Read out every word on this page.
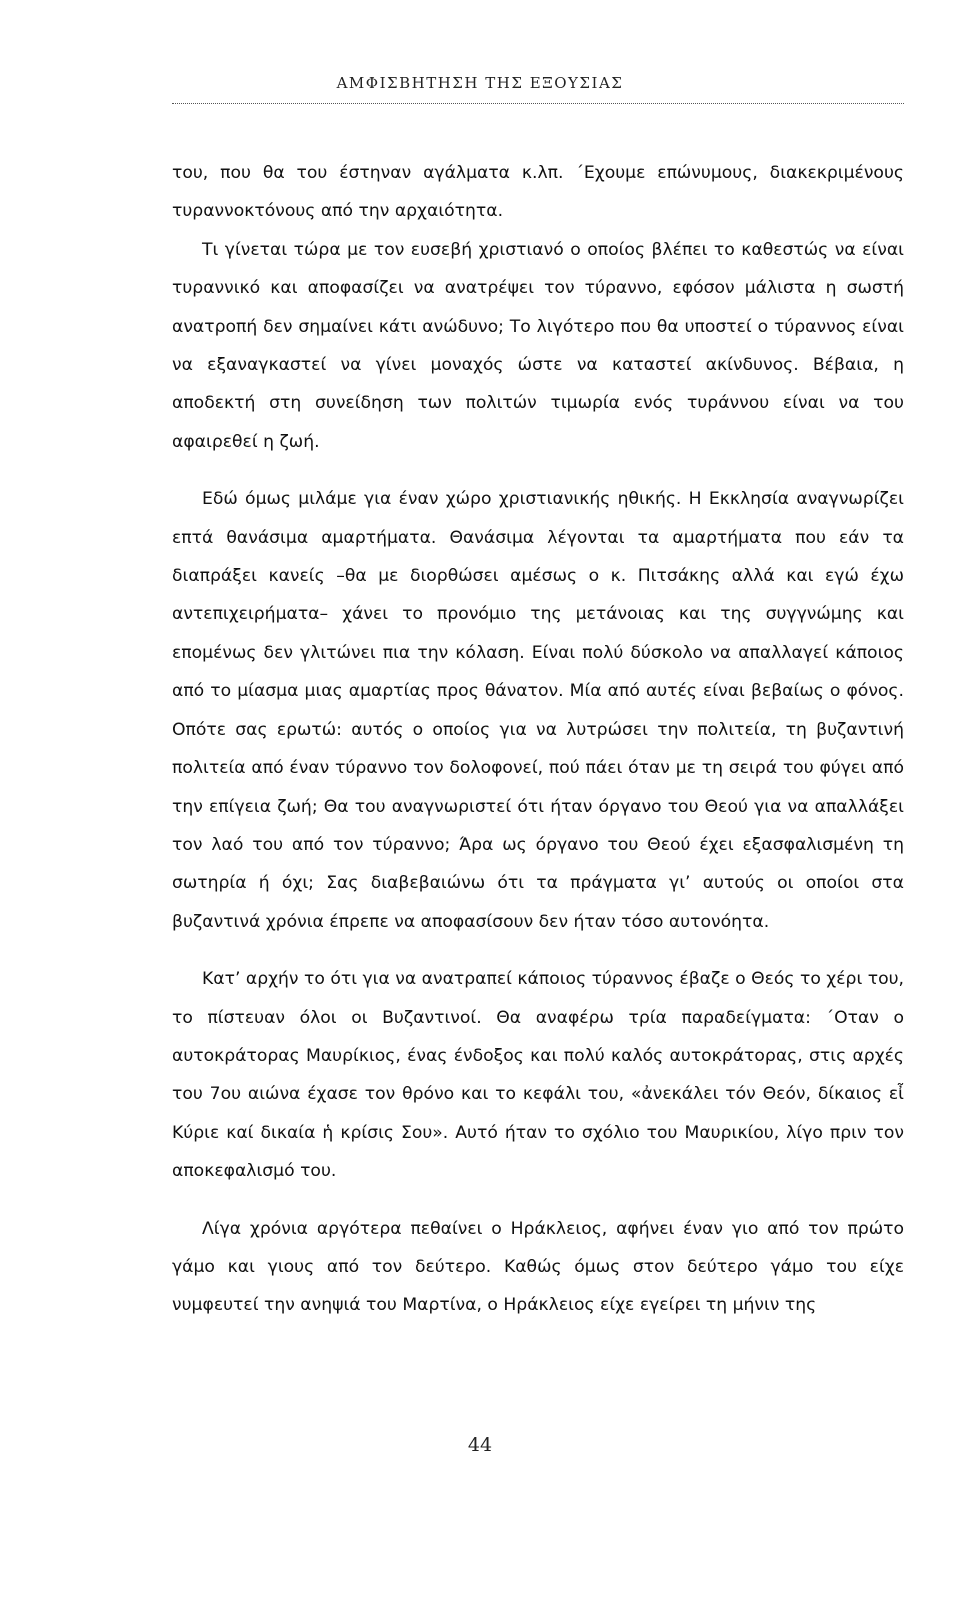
ΑΜΦΙΣΒΗΤΗΣΗ ΤΗΣ ΕΞΟΥΣΙΑΣ

του, που θα του έστηναν αγάλματα κ.λπ. ΄Εχουμε επώνυμους, διακεκριμένους τυραννοκτόνους από την αρχαιότητα.

Τι γίνεται τώρα με τον ευσεβή χριστιανό ο οποίος βλέπει το καθεστώς να είναι τυραννικό και αποφασίζει να ανατρέψει τον τύραννο, εφόσον μάλιστα η σωστή ανατροπή δεν σημαίνει κάτι ανώδυνο; Το λιγότερο που θα υποστεί ο τύραννος είναι να εξαναγκαστεί να γίνει μοναχός ώστε να καταστεί ακίνδυνος. Βέβαια, η αποδεκτή στη συνείδηση των πολιτών τιμωρία ενός τυράννου είναι να του αφαιρεθεί η ζωή.

Εδώ όμως μιλάμε για έναν χώρο χριστιανικής ηθικής. Η Εκκλησία αναγνωρίζει επτά θανάσιμα αμαρτήματα. Θανάσιμα λέγονται τα αμαρτήματα που εάν τα διαπράξει κανείς –θα με διορθώσει αμέσως ο κ. Πιτσάκης αλλά και εγώ έχω αντεπιχειρήματα– χάνει το προνόμιο της μετάνοιας και της συγγνώμης και επομένως δεν γλιτώνει πια την κόλαση. Είναι πολύ δύσκολο να απαλλαγεί κάποιος από το μίασμα μιας αμαρτίας προς θάνατον. Μία από αυτές είναι βεβαίως ο φόνος. Οπότε σας ερωτώ: αυτός ο οποίος για να λυτρώσει την πολιτεία, τη βυζαντινή πολιτεία από έναν τύραννο τον δολοφονεί, πού πάει όταν με τη σειρά του φύγει από την επίγεια ζωή; Θα του αναγνωριστεί ότι ήταν όργανο του Θεού για να απαλλάξει τον λαό του από τον τύραννο; Άρα ως όργανο του Θεού έχει εξασφαλισμένη τη σωτηρία ή όχι; Σας διαβεβαιώνω ότι τα πράγματα γι’ αυτούς οι οποίοι στα βυζαντινά χρόνια έπρεπε να αποφασίσουν δεν ήταν τόσο αυτονόητα.

Κατ’ αρχήν το ότι για να ανατραπεί κάποιος τύραννος έβαζε ο Θεός το χέρι του, το πίστευαν όλοι οι Βυζαντινοί. Θα αναφέρω τρία παραδείγματα: ΄Οταν ο αυτοκράτορας Μαυρίκιος, ένας ένδοξος και πολύ καλός αυτοκράτορας, στις αρχές του 7ου αιώνα έχασε τον θρόνο και το κεφάλι του, «ἀνεκάλει τόν Θεόν, δίκαιος εἶ Κύριε καί δικαία ἡ κρίσις Σου». Αυτό ήταν το σχόλιο του Μαυρικίου, λίγο πριν τον αποκεφαλισμό του.

Λίγα χρόνια αργότερα πεθαίνει ο Ηράκλειος, αφήνει έναν γιο από τον πρώτο γάμο και γιους από τον δεύτερο. Καθώς όμως στον δεύτερο γάμο του είχε νυμφευτεί την ανηψιά του Μαρτίνα, ο Ηράκλειος είχε εγείρει τη μήνιν της

44
